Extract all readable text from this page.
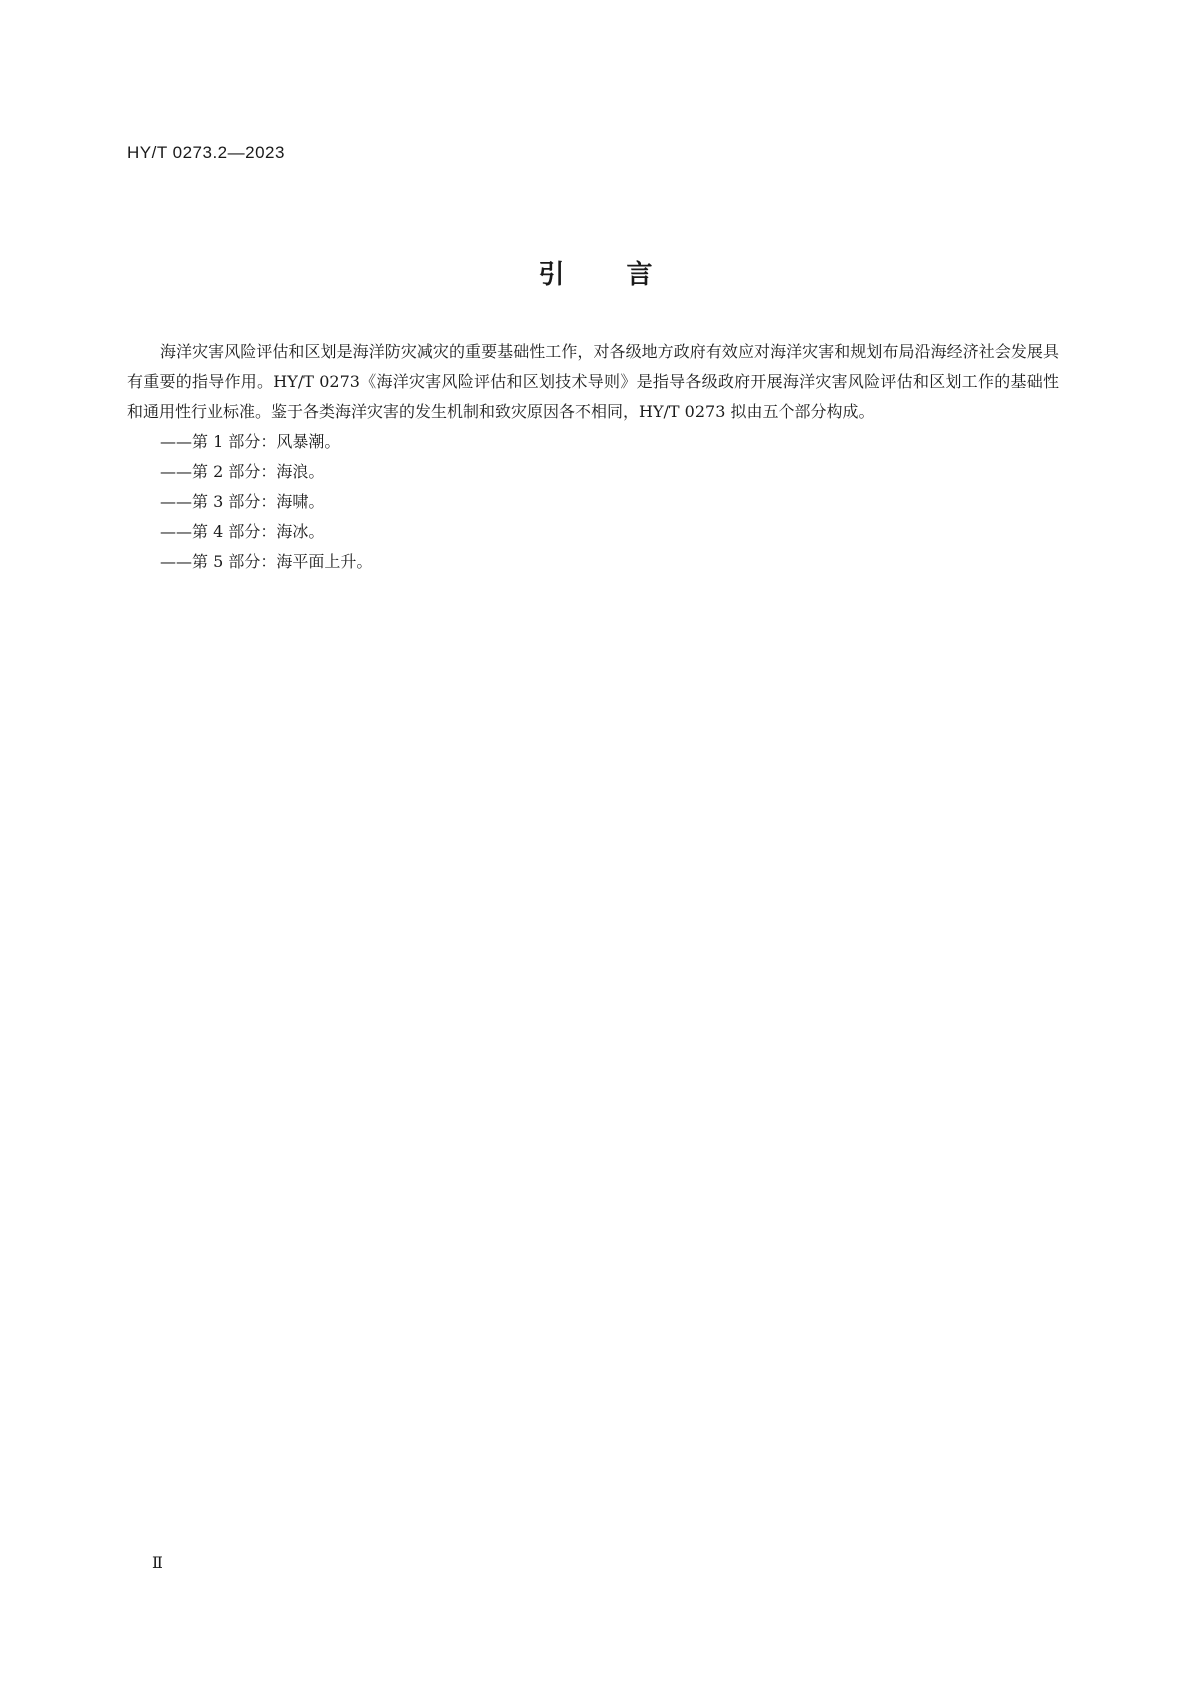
HY/T 0273.2—2023
引言

海洋灾害风险评估和区划是海洋防灾减灾的重要基础性工作，对各级地方政府有效应对海洋灾害和规划布局沿海经济社会发展具有重要的指导作用。HY/T 0273《海洋灾害风险评估和区划技术导则》是指导各级政府开展海洋灾害风险评估和区划工作的基础性和通用性行业标准。鉴于各类海洋灾害的发生机制和致灾原因各不相同，HY/T 0273 拟由五个部分构成。

——第 1 部分：风暴潮。
——第 2 部分：海浪。
——第 3 部分：海啸。
——第 4 部分：海冰。
——第 5 部分：海平面上升。
Ⅱ
